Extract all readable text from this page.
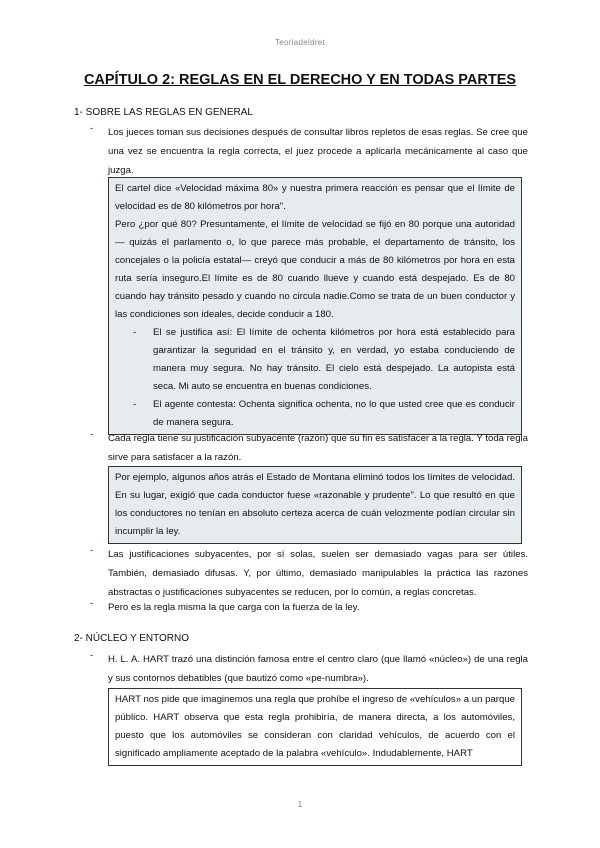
Teoriadeldret
CAPÍTULO 2: REGLAS EN EL DERECHO Y EN TODAS PARTES
1- SOBRE LAS REGLAS EN GENERAL
- Los jueces toman sus decisiones después de consultar libros repletos de esas reglas. Se cree que una vez se encuentra la regla correcta, el juez procede a aplicarla mecánicamente al caso que juzga.

El cartel dice «Velocidad máxima 80» y nuestra primera reacción es pensar que el límite de velocidad es de 80 kilómetros por hora".

Pero ¿por qué 80? Presuntamente, el límite de velocidad se fijó en 80 porque una autoridad — quizás el parlamento o, lo que parece más probable, el departamento de tránsito, los concejales o la policía estatal— creyó que conducir a más de 80 kilómetros por hora en esta ruta sería inseguro.El límite es de 80 cuando llueve y cuando está despejado. Es de 80 cuando hay tránsito pesado y cuando no circula nadie.Como se trata de un buen conductor y las condiciones son ideales, decide conducir a 180.

- El se justifica así: El límite de ochenta kilómetros por hora está establecido para garantizar la seguridad en el tránsito y, en verdad, yo estaba conduciendo de manera muy segura. No hay tránsito. El cielo está despejado. La autopista está seca. Mi auto se encuentra en buenas condiciones.
- El agente contesta: Ochenta significa ochenta, no lo que usted cree que es conducir de manera segura.
- Cada regla tiene su justificación subyacente (razón) que su fin es satisfacer a la regla. Y toda regla sirve para satisfacer a la razón.

Por ejemplo, algunos años atrás el Estado de Montana eliminó todos los límites de velocidad. En su lugar, exigió que cada conductor fuese «razonable y prudente". Lo que resultó en que los conductores no tenían en absoluto certeza acerca de cuán velozmente podían circular sin incumplir la ley.

- Las justificaciones subyacentes, por sí solas, suelen ser demasiado vagas para ser útiles. También, demasiado difusas. Y, por último, demasiado manipulables la práctica las razones abstractas o justificaciones subyacentes se reducen, por lo común, a reglas concretas.
- Pero es la regla misma la que carga con la fuerza de la ley.
2- NÚCLEO Y ENTORNO
- H. L. A. HART trazó una distinción famosa entre el centro claro (que llamó «núcleo») de una regla y sus contornos debatibles (que bautizó como «pe-numbra»).

HART nos pide que imaginemos una regla que prohíbe el ingreso de «vehículos» a un parque público. HART observa que esta regla prohibiría, de manera directa, a los automóviles, puesto que los automóviles se consideran con claridad vehículos, de acuerdo con el significado ampliamente aceptado de la palabra «vehículo». Indudablemente, HART

1
